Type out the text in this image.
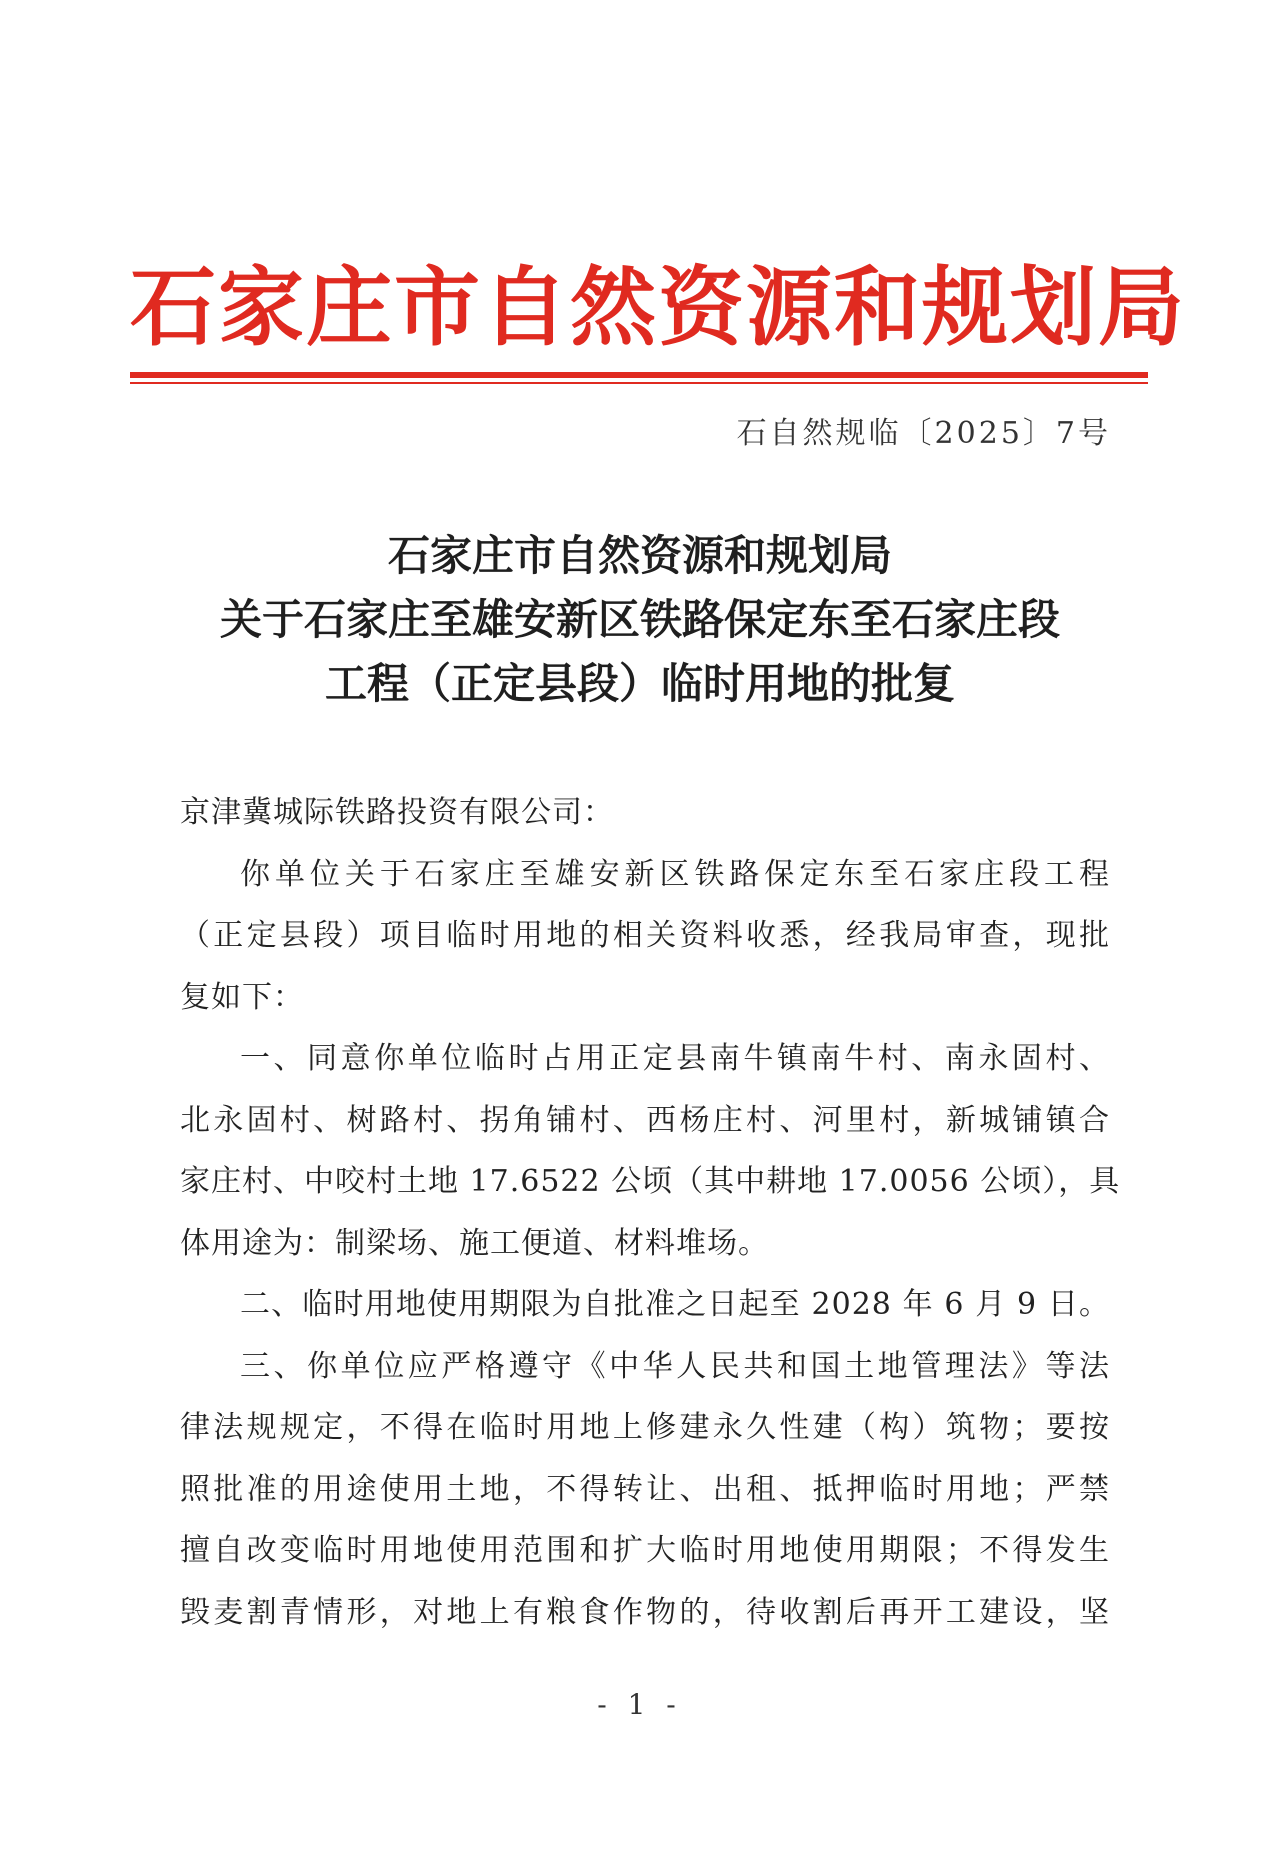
石家庄市自然资源和规划局
石自然规临〔2025〕7号
石家庄市自然资源和规划局
关于石家庄至雄安新区铁路保定东至石家庄段
工程（正定县段）临时用地的批复
京津冀城际铁路投资有限公司：
你单位关于石家庄至雄安新区铁路保定东至石家庄段工程
（正定县段）项目临时用地的相关资料收悉，经我局审查，现批
复如下：
一、同意你单位临时占用正定县南牛镇南牛村、南永固村、
北永固村、树路村、拐角铺村、西杨庄村、河里村，新城铺镇合
家庄村、中咬村土地 17.6522 公顷（其中耕地 17.0056 公顷），具
体用途为：制梁场、施工便道、材料堆场。
二、临时用地使用期限为自批准之日起至 2028 年 6 月 9 日。
三、你单位应严格遵守《中华人民共和国土地管理法》等法
律法规规定，不得在临时用地上修建永久性建（构）筑物；要按
照批准的用途使用土地，不得转让、出租、抵押临时用地；严禁
擅自改变临时用地使用范围和扩大临时用地使用期限；不得发生
毁麦割青情形，对地上有粮食作物的，待收割后再开工建设，坚
- 1 -
